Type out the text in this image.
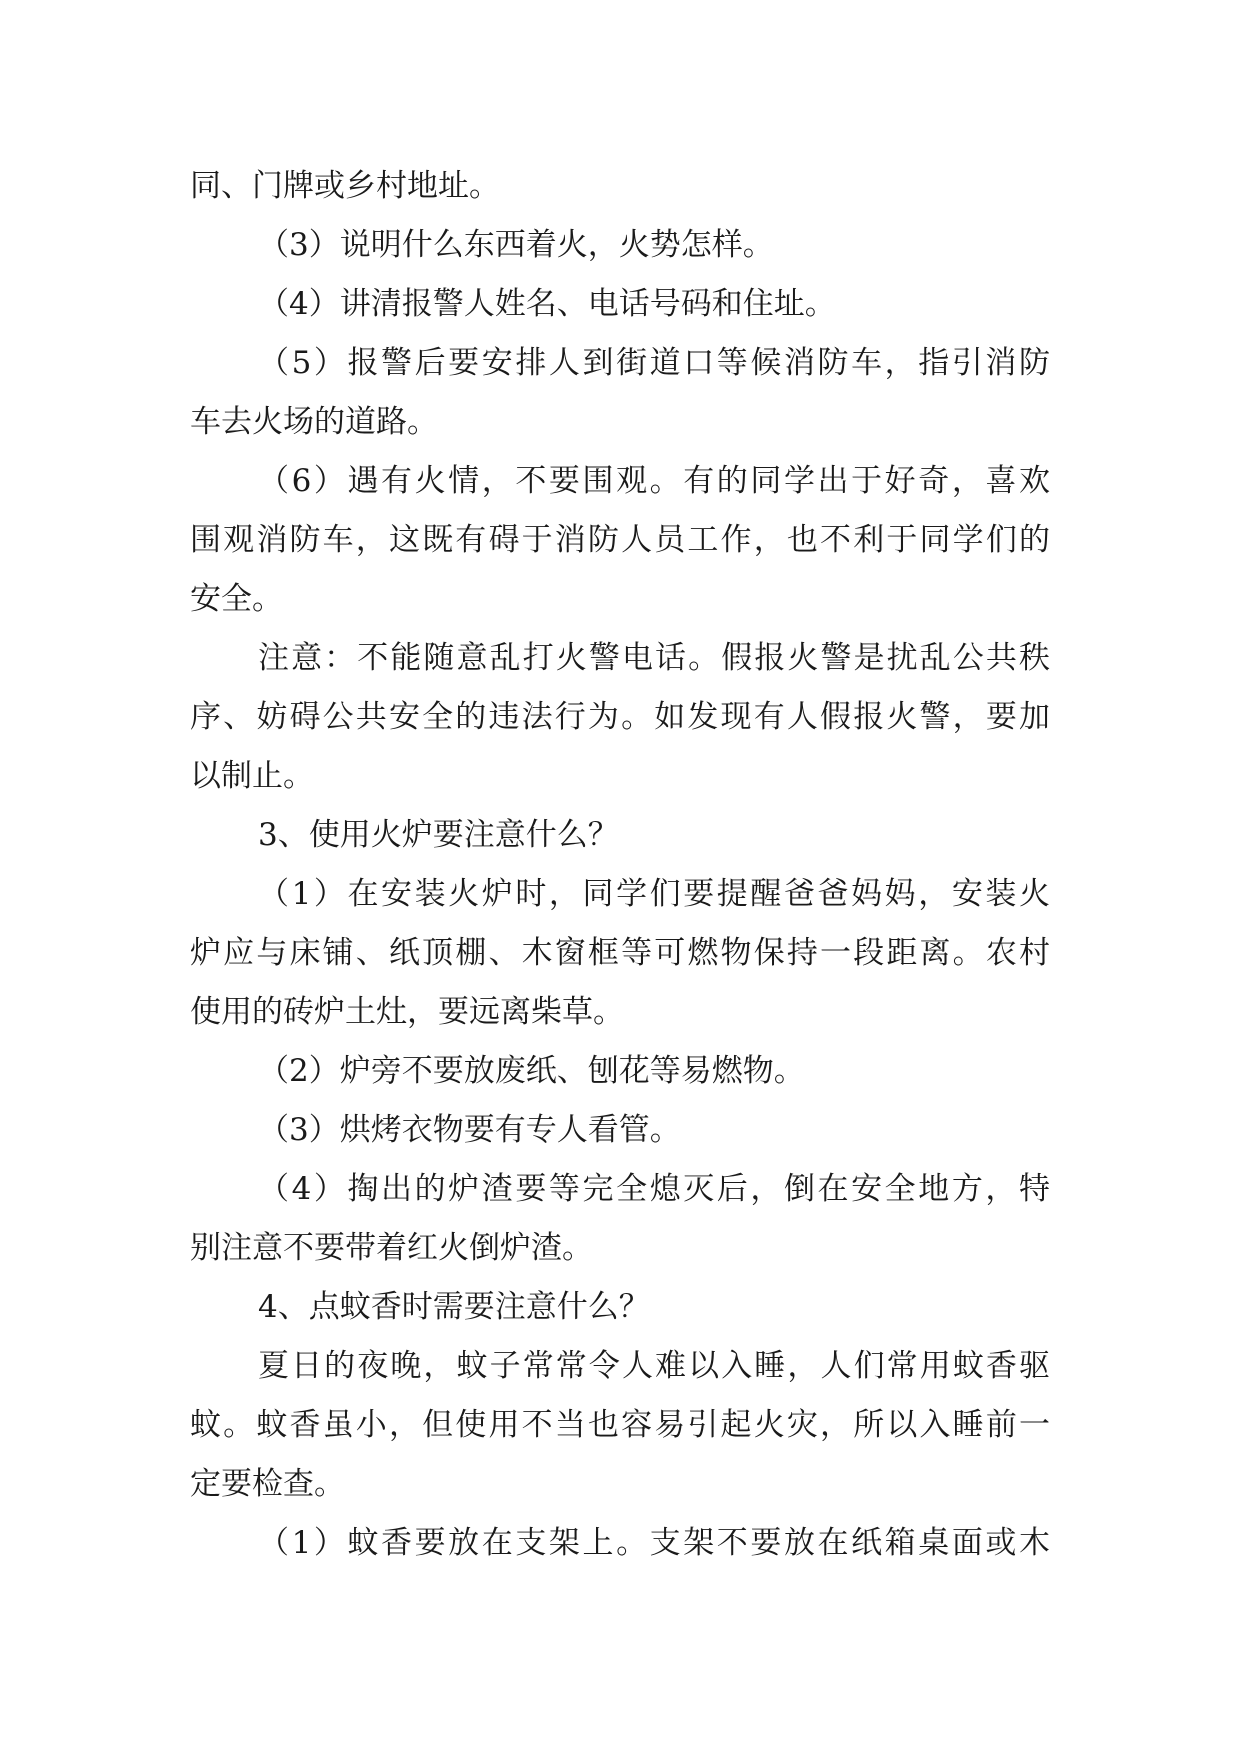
同、门牌或乡村地址。
（3）说明什么东西着火，火势怎样。
（4）讲清报警人姓名、电话号码和住址。
（5）报警后要安排人到街道口等候消防车，指引消防
车去火场的道路。
（6）遇有火情，不要围观。有的同学出于好奇，喜欢
围观消防车，这既有碍于消防人员工作，也不利于同学们的
安全。
注意：不能随意乱打火警电话。假报火警是扰乱公共秩
序、妨碍公共安全的违法行为。如发现有人假报火警，要加
以制止。
3、使用火炉要注意什么？
（1）在安装火炉时，同学们要提醒爸爸妈妈，安装火
炉应与床铺、纸顶棚、木窗框等可燃物保持一段距离。农村
使用的砖炉土灶，要远离柴草。
（2）炉旁不要放废纸、刨花等易燃物。
（3）烘烤衣物要有专人看管。
（4）掏出的炉渣要等完全熄灭后，倒在安全地方，特
别注意不要带着红火倒炉渣。
4、点蚊香时需要注意什么？
夏日的夜晚，蚊子常常令人难以入睡，人们常用蚊香驱
蚊。蚊香虽小，但使用不当也容易引起火灾，所以入睡前一
定要检查。
（1）蚊香要放在支架上。支架不要放在纸箱桌面或木
